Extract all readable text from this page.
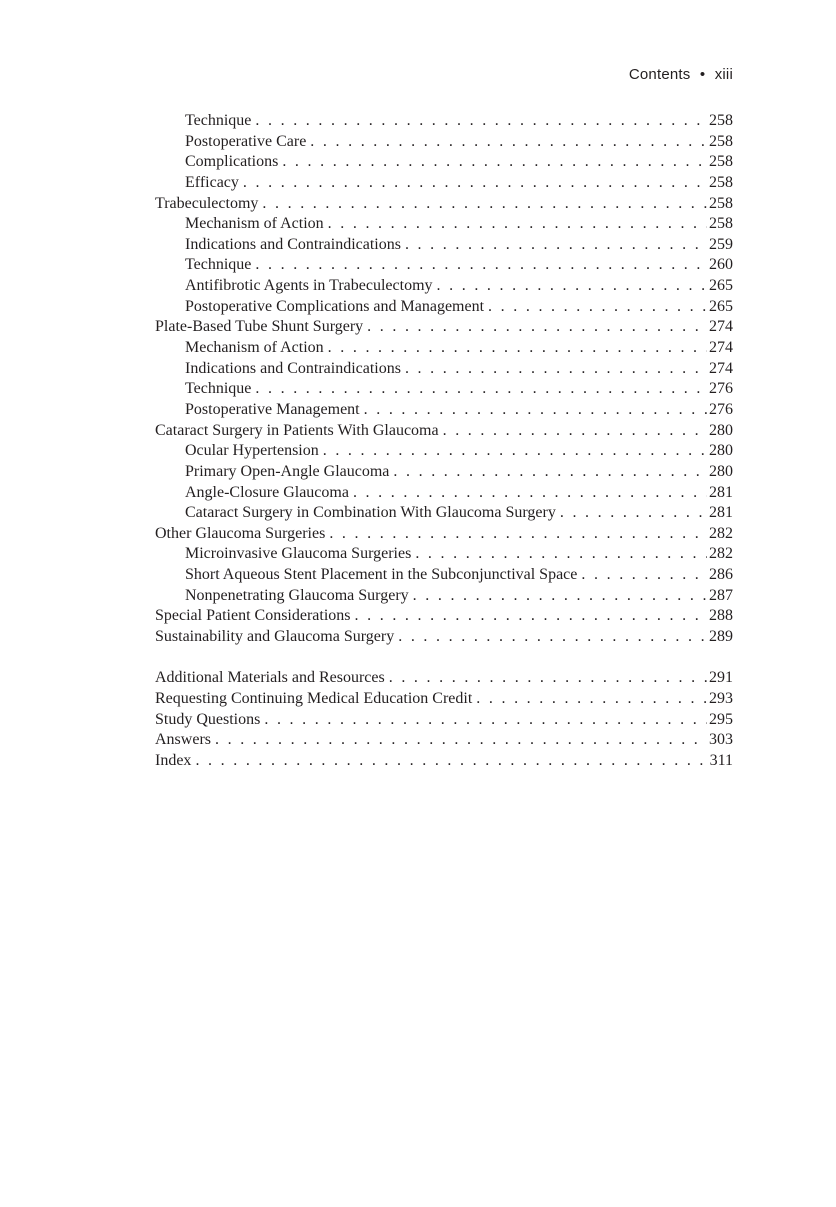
Contents • xiii
Technique . . .	258
Postoperative Care . . .	258
Complications . . .	258
Efficacy . . .	258
Trabeculectomy . . .	258
Mechanism of Action . . .	258
Indications and Contraindications . . .	259
Technique . . .	260
Antifibrotic Agents in Trabeculectomy . . .	265
Postoperative Complications and Management . . .	265
Plate-Based Tube Shunt Surgery . . .	274
Mechanism of Action . . .	274
Indications and Contraindications . . .	274
Technique . . .	276
Postoperative Management . . .	276
Cataract Surgery in Patients With Glaucoma . . .	280
Ocular Hypertension . . .	280
Primary Open-Angle Glaucoma . . .	280
Angle-Closure Glaucoma . . .	281
Cataract Surgery in Combination With Glaucoma Surgery . . .	281
Other Glaucoma Surgeries . . .	282
Microinvasive Glaucoma Surgeries . . .	282
Short Aqueous Stent Placement in the Subconjunctival Space . . .	286
Nonpenetrating Glaucoma Surgery . . .	287
Special Patient Considerations . . .	288
Sustainability and Glaucoma Surgery . . .	289
Additional Materials and Resources . . .	291
Requesting Continuing Medical Education Credit . . .	293
Study Questions . . .	295
Answers . . .	303
Index . . .	311
